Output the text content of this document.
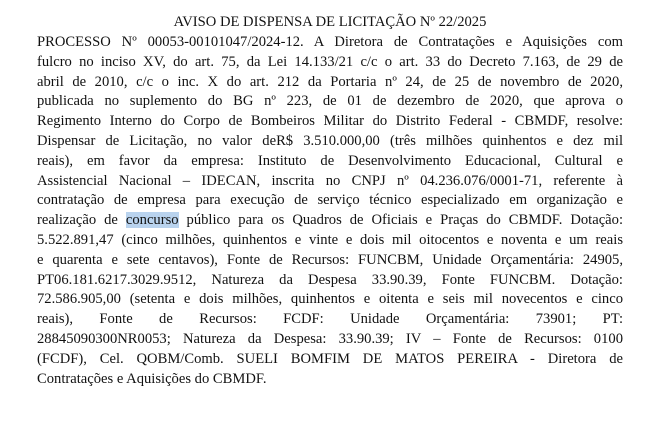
AVISO DE DISPENSA DE LICITAÇÃO Nº 22/2025
PROCESSO Nº 00053-00101047/2024-12. A Diretora de Contratações e Aquisições com
fulcro no inciso XV, do art. 75, da Lei 14.133/21 c/c o art. 33 do Decreto 7.163, de 29 de
abril de 2010, c/c o inc. X do art. 212 da Portaria nº 24, de 25 de novembro de 2020,
publicada no suplemento do BG nº 223, de 01 de dezembro de 2020, que aprova o
Regimento Interno do Corpo de Bombeiros Militar do Distrito Federal - CBMDF, resolve:
Dispensar de Licitação, no valor deR$ 3.510.000,00 (três milhões quinhentos e dez mil
reais), em favor da empresa: Instituto de Desenvolvimento Educacional, Cultural e
Assistencial Nacional – IDECAN, inscrita no CNPJ nº 04.236.076/0001-71, referente à
contratação de empresa para execução de serviço técnico especializado em organização e
realização de concurso público para os Quadros de Oficiais e Praças do CBMDF. Dotação:
5.522.891,47 (cinco milhões, quinhentos e vinte e dois mil oitocentos e noventa e um reais
e quarenta e sete centavos), Fonte de Recursos: FUNCBM, Unidade Orçamentária: 24905,
PT06.181.6217.3029.9512, Natureza da Despesa 33.90.39, Fonte FUNCBM. Dotação:
72.586.905,00 (setenta e dois milhões, quinhentos e oitenta e seis mil novecentos e cinco
reais), Fonte de Recursos: FCDF: Unidade Orçamentária: 73901; PT:
28845090300NR0053; Natureza da Despesa: 33.90.39; IV – Fonte de Recursos: 0100
(FCDF), Cel. QOBM/Comb. SUELI BOMFIM DE MATOS PEREIRA - Diretora de
Contratações e Aquisições do CBMDF.
